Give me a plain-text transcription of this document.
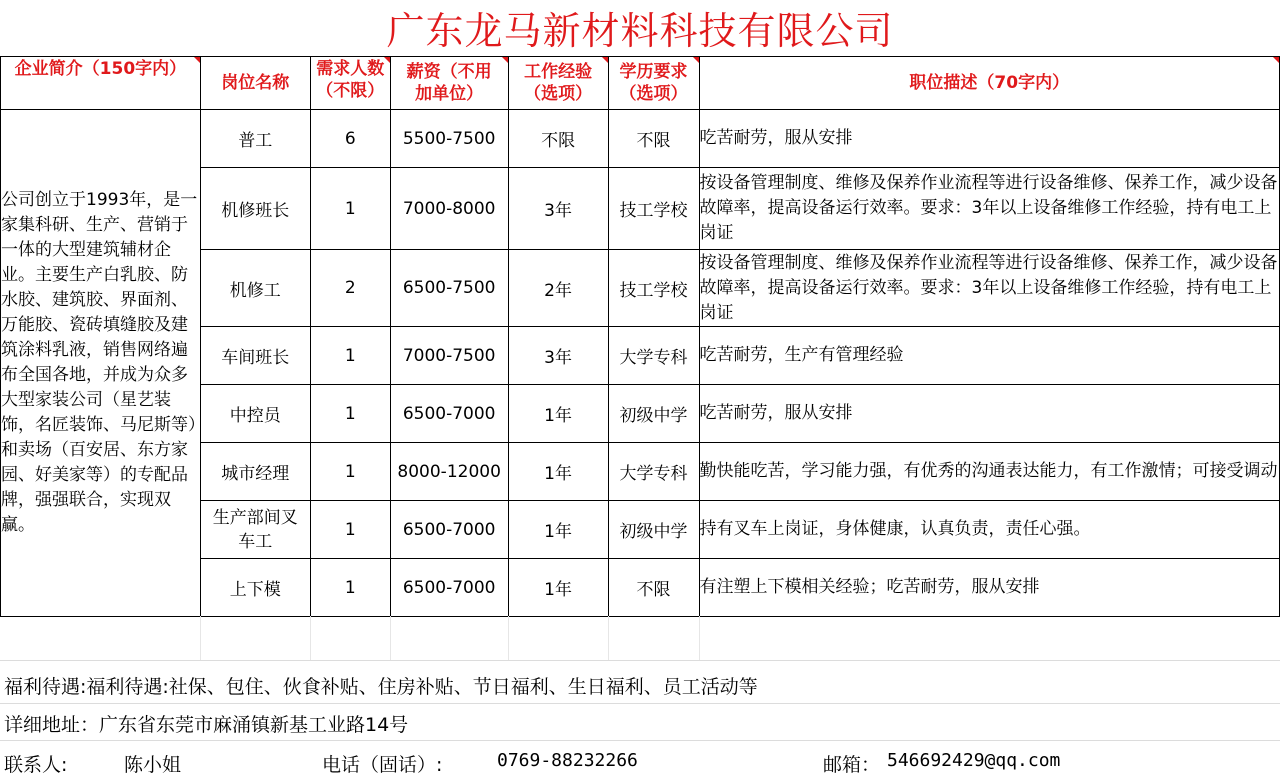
广东龙马新材料科技有限公司
企业简介（150字内）	岗位名称	需求人数（不限）	薪资（不用加单位）	工作经验（选项）	学历要求（选项）	职位描述（70字内）

公司创立于1993年，是一家集科研、生产、营销于一体的大型建筑辅材企业。主要生产白乳胶、防水胶、建筑胶、界面剂、万能胶、瓷砖填缝胶及建筑涂料乳液，销售网络遍布全国各地，并成为众多大型家装公司（星艺装饰，名匠装饰、马尼斯等）和卖场（百安居、东方家园、好美家等）的专配品牌，强强联合，实现双赢。	普工	6	5500-7500	不限	不限	吃苦耐劳，服从安排
	机修班长	1	7000-8000	3年	技工学校	按设备管理制度、维修及保养作业流程等进行设备维修、保养工作，减少设备故障率，提高设备运行效率。要求：3年以上设备维修工作经验，持有电工上岗证
	机修工	2	6500-7500	2年	技工学校	按设备管理制度、维修及保养作业流程等进行设备维修、保养工作，减少设备故障率，提高设备运行效率。要求：3年以上设备维修工作经验，持有电工上岗证
	车间班长	1	7000-7500	3年	大学专科	吃苦耐劳，生产有管理经验
	中控员	1	6500-7000	1年	初级中学	吃苦耐劳，服从安排
	城市经理	1	8000-12000	1年	大学专科	勤快能吃苦，学习能力强，有优秀的沟通表达能力，有工作激情；可接受调动
	生产部间叉车工	1	6500-7000	1年	初级中学	持有叉车上岗证，身体健康，认真负责，责任心强。
	上下模	1	6500-7000	1年	不限	有注塑上下模相关经验；吃苦耐劳，服从安排
福利待遇:福利待遇:社保、包住、伙食补贴、住房补贴、节日福利、生日福利、员工活动等
详细地址：广东省东莞市麻涌镇新基工业路14号
联系人:	陈小姐	电话（固话）:	0769-88232266	邮箱： 546692429@qq.com
